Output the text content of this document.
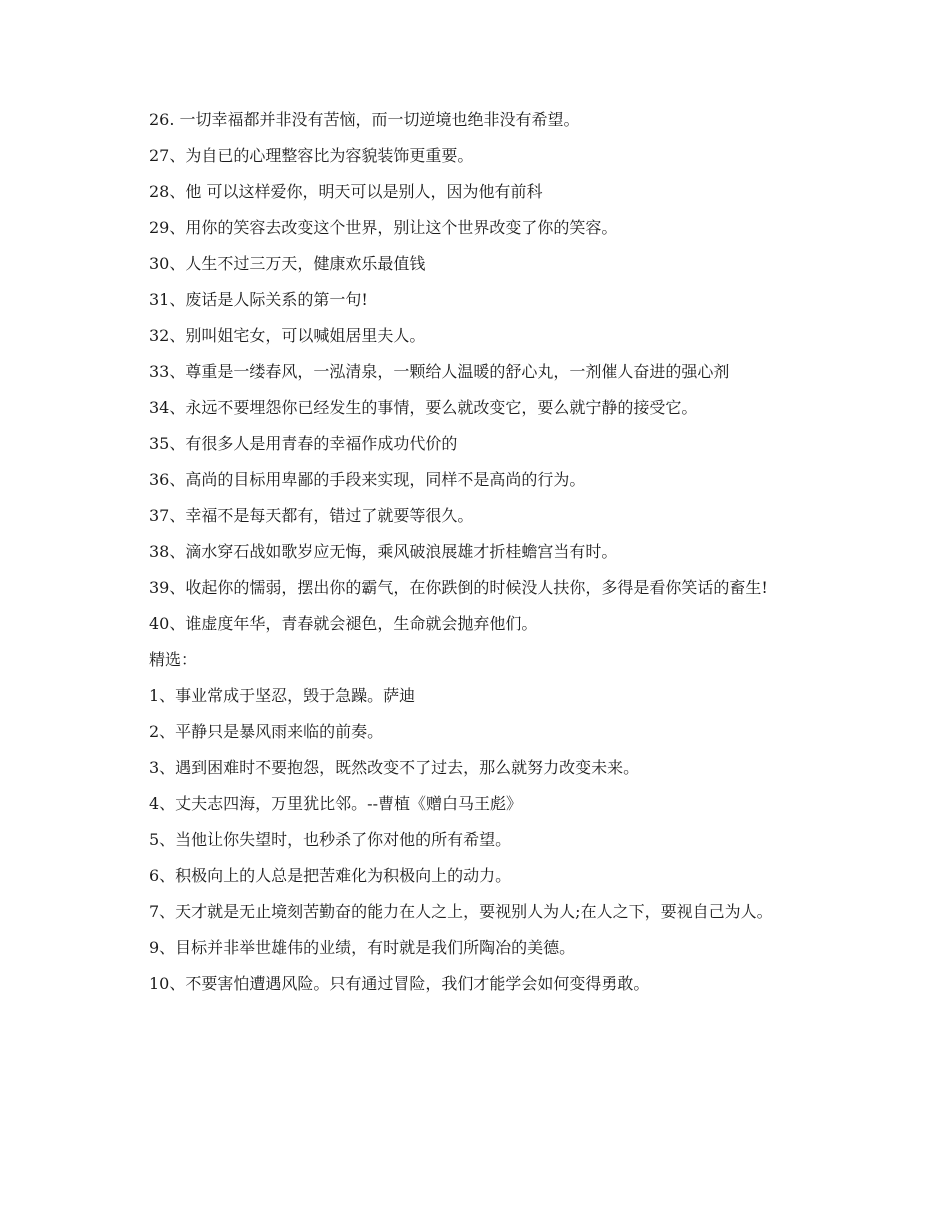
26. 一切幸福都并非没有苦恼，而一切逆境也绝非没有希望。

27、为自已的心理整容比为容貌装饰更重要。

28、他 可以这样爱你，明天可以是别人，因为他有前科

29、用你的笑容去改变这个世界，别让这个世界改变了你的笑容。

30、人生不过三万天，健康欢乐最值钱

31、废话是人际关系的第一句!

32、别叫姐宅女，可以喊姐居里夫人。

33、尊重是一缕春风，一泓清泉，一颗给人温暖的舒心丸，一剂催人奋进的强心剂

34、永远不要埋怨你已经发生的事情，要么就改变它，要么就宁静的接受它。

35、有很多人是用青春的幸福作成功代价的

36、高尚的目标用卑鄙的手段来实现，同样不是高尚的行为。

37、幸福不是每天都有，错过了就要等很久。

38、滴水穿石战如歌岁应无悔，乘风破浪展雄才折桂蟾宫当有时。

39、收起你的懦弱，摆出你的霸气，在你跌倒的时候没人扶你，多得是看你笑话的畜生!

40、谁虚度年华，青春就会褪色，生命就会抛弃他们。

精选：

1、事业常成于坚忍，毁于急躁。萨迪

2、平静只是暴风雨来临的前奏。

3、遇到困难时不要抱怨，既然改变不了过去，那么就努力改变未来。

4、丈夫志四海，万里犹比邻。--曹植《赠白马王彪》

5、当他让你失望时，也秒杀了你对他的所有希望。

6、积极向上的人总是把苦难化为积极向上的动力。

7、天才就是无止境刻苦勤奋的能力在人之上，要视别人为人;在人之下，要视自己为人。

9、目标并非举世雄伟的业绩，有时就是我们所陶冶的美德。

10、不要害怕遭遇风险。只有通过冒险，我们才能学会如何变得勇敢。
